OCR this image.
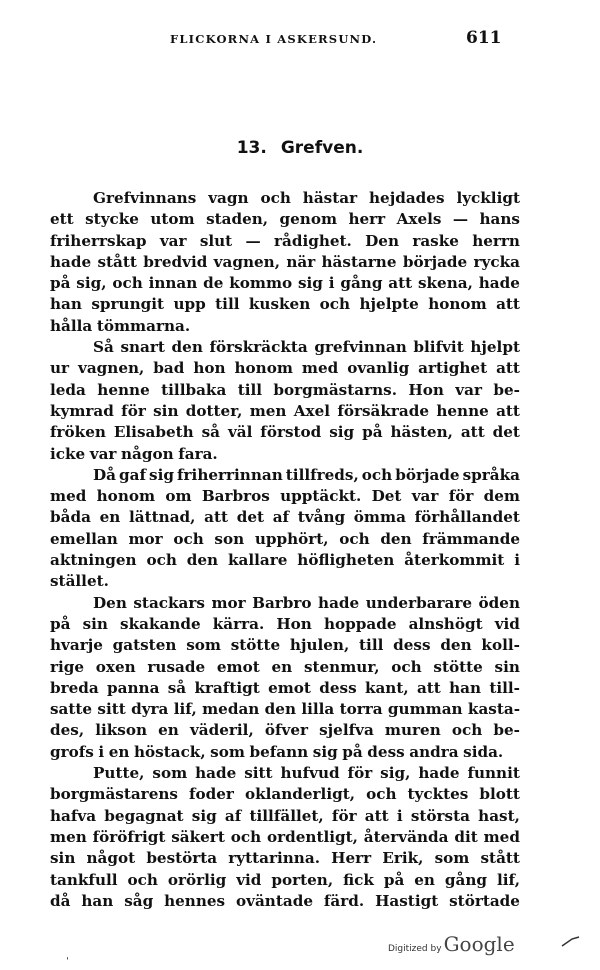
FLICKORNA I ASKERSUND.	611
13. Grefven.
Grefvinnans vagn och hästar hejdades lyckligt
ett stycke utom staden, genom herr Axels — hans
friherrskap var slut — rådighet. Den raske herrn
hade stått bredvid vagnen, när hästarne började rycka
på sig, och innan de kommo sig i gång att skena, hade
han sprungit upp till kusken och hjelpte honom att
hålla tömmarna.
Så snart den förskräckta grefvinnan blifvit hjelpt
ur vagnen, bad hon honom med ovanlig artighet att
leda henne tillbaka till borgmästarns. Hon var be-
kymrad för sin dotter, men Axel försäkrade henne att
fröken Elisabeth så väl förstod sig på hästen, att det
icke var någon fara.
Då gaf sig friherrinnan tillfreds, och började språka
med honom om Barbros upptäckt. Det var för dem
båda en lättnad, att det af tvång ömma förhållandet
emellan mor och son upphört, och den främmande
aktningen och den kallare höfligheten återkommit i
stället.
Den stackars mor Barbro hade underbarare öden
på sin skakande kärra. Hon hoppade alnshögt vid
hvarje gatsten som stötte hjulen, till dess den koll-
rige oxen rusade emot en stenmur, och stötte sin
breda panna så kraftigt emot dess kant, att han till-
satte sitt dyra lif, medan den lilla torra gumman kasta-
des, likson en väderil, öfver sjelfva muren och be-
grofs i en höstack, som befann sig på dess andra sida.
Putte, som hade sitt hufvud för sig, hade funnit
borgmästarens foder oklanderligt, och tycktes blott
hafva begagnat sig af tillfället, för att i största hast,
men föröfrigt säkert och ordentligt, återvända dit med
sin något bestörta ryttarinna. Herr Erik, som stått
tankfull och orörlig vid porten, fick på en gång lif,
då han såg hennes oväntade färd. Hastigt störtade
ˌ
Digitized by Google
